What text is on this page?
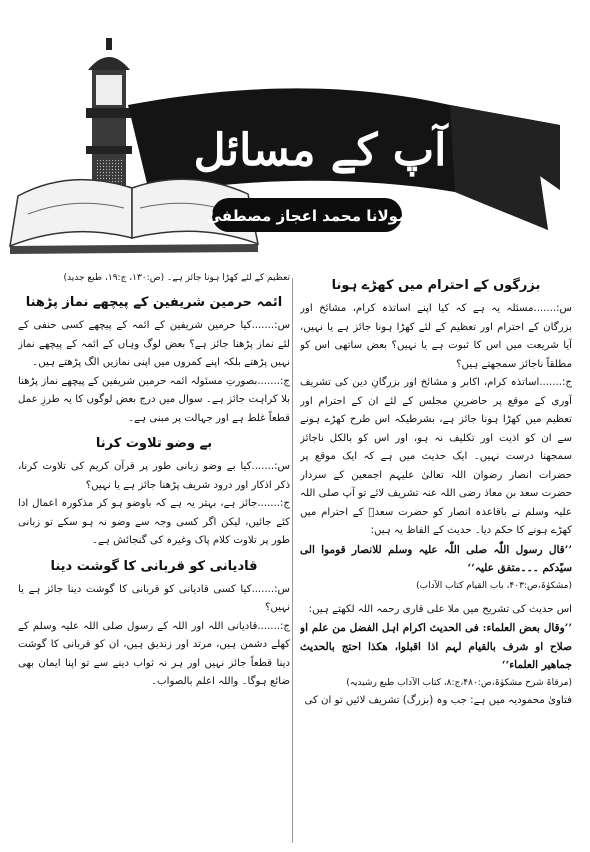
آپ کے مسائل
مولانا محمد اعجاز مصطفیٰ
بزرگوں کے احترام میں کھڑے ہونا

س:.......مسئلہ یہ ہے کہ کیا اپنے اساتذہ کرام، مشائخ اور بزرگان کے احترام اور تعظیم کے لئے کھڑا ہونا جائز ہے یا نہیں، آیا شریعت میں اس کا ثبوت ہے یا نہیں؟ بعض ساتھی اس کو مطلقاً ناجائز سمجھتے ہیں؟

ج:.......اساتذہ کرام، اکابر و مشائخ اور بزرگانِ دین کی تشریف آوری کے موقع پر حاضرینِ مجلس کے لئے ان کے احترام اور تعظیم میں کھڑا ہونا جائز ہے، بشرطیکہ اس طرح کھڑے ہونے سے ان کو اذیت اور تکلیف نہ ہو، اور اس کو بالکل ناجائز سمجھنا درست نہیں۔ ایک حدیث میں ہے کہ ایک موقع پر حضرات انصار رضوان اللہ تعالیٰ علیہم اجمعین کے سردار حضرت سعد بن معاذ رضی اللہ عنہ تشریف لائے تو آپ صلی اللہ علیہ وسلم نے باقاعدہ انصار کو حضرت سعدؓ کے احترام میں کھڑے ہونے کا حکم دیا۔ حدیث کے الفاظ یہ ہیں:

’’قال رسول اللّٰہ صلی اللّٰہ علیہ وسلم للانصار قوموا الی سیّدکم ۔۔۔متفق علیہ‘‘

(مشکوٰۃ،ص:۴۰۳، باب القیام کتاب الآداب)

اس حدیث کی تشریح میں ملا علی قاری رحمہ اللہ لکھتے ہیں:

’’وقال بعض العلماء: فی الحدیث اکرام اہل الفضل من علم او صلاح او شرف بالقیام لہم اذا اقبلوا، ھکذا احتج بالحدیث جماھیر العلماء‘‘

(مرقاۃ شرح مشکوٰۃ،ص:۴۸۰،ج:۸، کتاب الآداب طبع رشیدیہ)

فتاویٰ محمودیہ میں ہے: جب وہ (بزرگ) تشریف لائیں تو ان کی

تعظیم کے لئے کھڑا ہونا جائز ہے۔ (ص:۱۳۰، ج:۱۹، طبع جدید)

ائمہ حرمین شریفین کے پیچھے نماز پڑھنا

س:.......کیا حرمین شریفین کے ائمہ کے پیچھے کسی حنفی کے لئے نماز پڑھنا جائز ہے؟ بعض لوگ وہاں کے ائمہ کے پیچھے نماز نہیں پڑھتے بلکہ اپنے کمروں میں اپنی نمازیں الگ پڑھتے ہیں۔

ج:.......بصورتِ مسئولہ ائمہ حرمین شریفین کے پیچھے نماز پڑھنا بلا کراہت جائز ہے۔ سوال میں درج بعض لوگوں کا یہ طرزِ عمل قطعاً غلط ہے اور جہالت پر مبنی ہے۔

بے وضو تلاوت کرنا

س:.......کیا بے وضو زبانی طور پر قرآن کریم کی تلاوت کرنا، ذکر اذکار اور درود شریف پڑھنا جائز ہے یا نہیں؟

ج:.......جائز ہے، بہتر یہ ہے کہ باوضو ہو کر مذکورہ اعمال ادا کئے جائیں، لیکن اگر کسی وجہ سے وضو نہ ہو سکے تو زبانی طور پر تلاوت کلام پاک وغیرہ کی گنجائش ہے۔

قادیانی کو قربانی کا گوشت دینا

س:.......کیا کسی قادیانی کو قربانی کا گوشت دینا جائز ہے یا نہیں؟

ج:.......قادیانی اللہ اور اللہ کے رسول صلی اللہ علیہ وسلم کے کھلے دشمن ہیں، مرتد اور زندیق ہیں، ان کو قربانی کا گوشت دینا قطعاً جائز نہیں اور ہر نہ ثواب دینے سے تو اپنا ایمان بھی ضائع ہوگا۔ واللہ اعلم بالصواب۔
